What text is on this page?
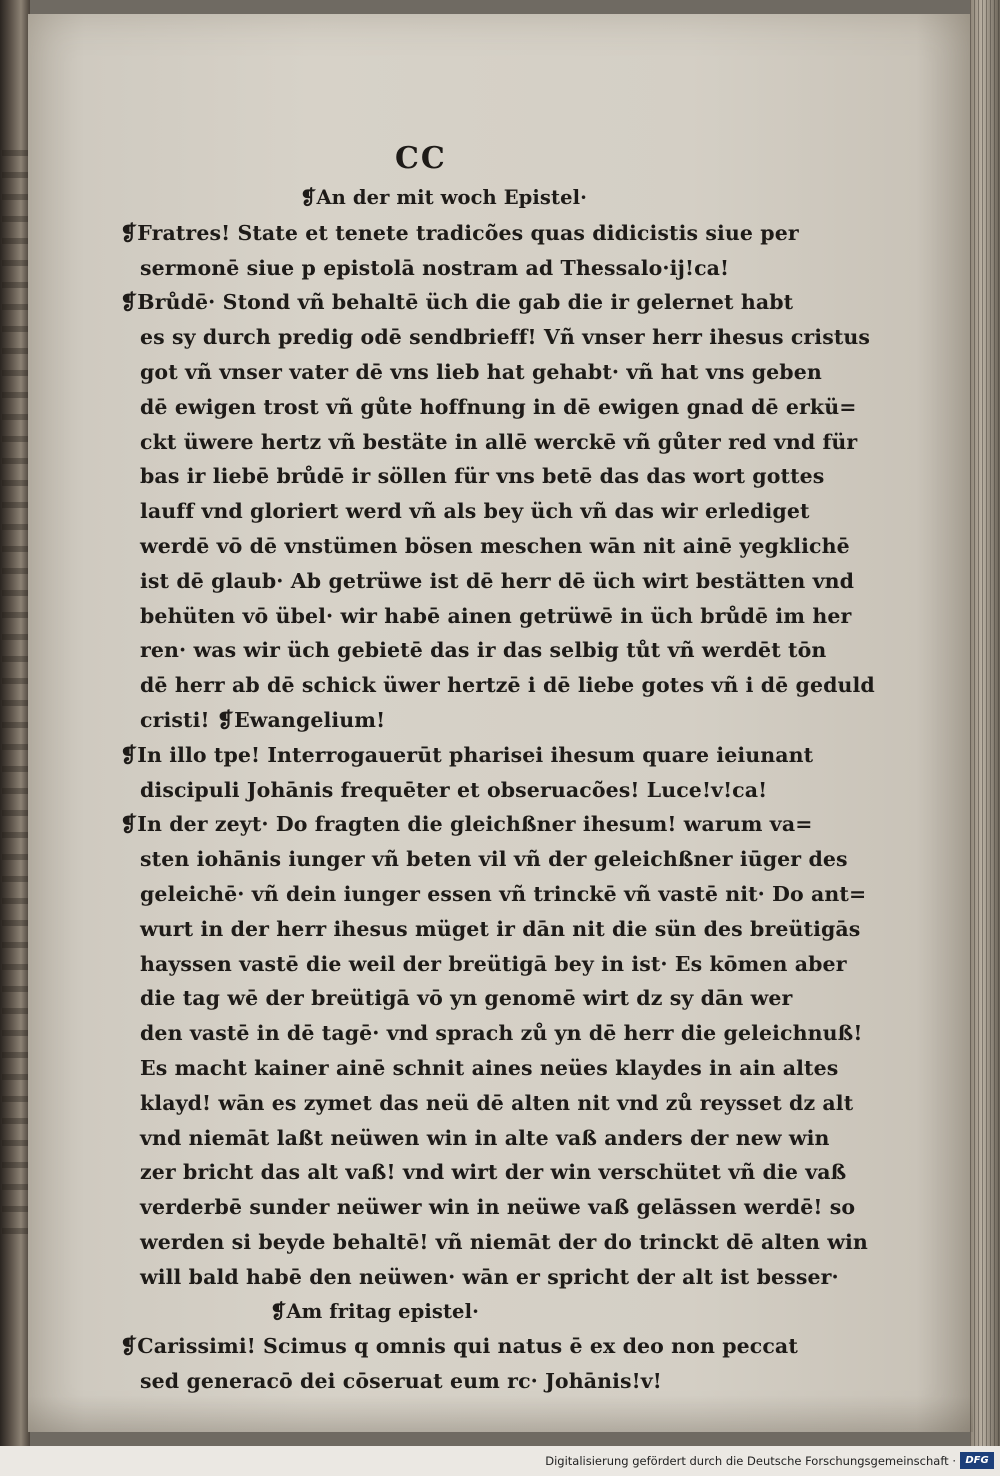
CC
❡An der mit woch Epistel·
❡Fratres! State et tenete tradicões quas didicistis siue per
sermonē siue p epistolā nostram ad Thessalo·ij!ca!
❡Brůdē· Stond vñ behaltē üch die gab die ir gelernet habt
es sy durch predig odē sendbrieff! Vñ vnser herr ihesus cristus
got vñ vnser vater dē vns lieb hat gehabt· vñ hat vns geben
dē ewigen trost vñ gůte hoffnung in dē ewigen gnad dē erkü=
ckt üwere hertz vñ bestäte in allē werckē vñ gůter red vnd für
bas ir liebē brůdē ir söllen für vns betē das das wort gottes
lauff vnd gloriert werd vñ als bey üch vñ das wir erlediget
werdē vō dē vnstümen bösen meschen wān nit ainē yegklichē
ist dē glaub· Ab getrüwe ist dē herr dē üch wirt bestätten vnd
behüten vō übel· wir habē ainen getrüwē in üch brůdē im her
ren· was wir üch gebietē das ir das selbig tůt vñ werdēt tōn
dē herr ab dē schick üwer hertzē i dē liebe gotes vñ i dē geduld
cristi! ❡Ewangelium!
❡In illo tpe! Interrogauerūt pharisei ihesum quare ieiunant
discipuli Johānis frequēter et obseruacões! Luce!v!ca!
❡In der zeyt· Do fragten die gleichßner ihesum! warum va=
sten iohānis iunger vñ beten vil vñ der geleichßner iūger des
geleichē· vñ dein iunger essen vñ trinckē vñ vastē nit· Do ant=
wurt in der herr ihesus müget ir dān nit die sün des breütigās
hayssen vastē die weil der breütigā bey in ist· Es kōmen aber
die tag wē der breütigā vō yn genomē wirt dz sy dān wer
den vastē in dē tagē· vnd sprach zů yn dē herr die geleichnuß!
Es macht kainer ainē schnit aines neües klaydes in ain altes
klayd! wān es zymet das neü dē alten nit vnd zů reysset dz alt
vnd niemāt laßt neüwen win in alte vaß anders der new win
zer bricht das alt vaß! vnd wirt der win verschütet vñ die vaß
verderbē sunder neüwer win in neüwe vaß gelāssen werdē! so
werden si beyde behaltē! vñ niemāt der do trinckt dē alten win
will bald habē den neüwen· wān er spricht der alt ist besser·
❡Am fritag epistel·
❡Carissimi! Scimus q omnis qui natus ē ex deo non peccat
sed generacō dei cōseruat eum rc· Johānis!v!
Digitalisierung gefördert durch die Deutsche Forschungsgemeinschaft · DFG
